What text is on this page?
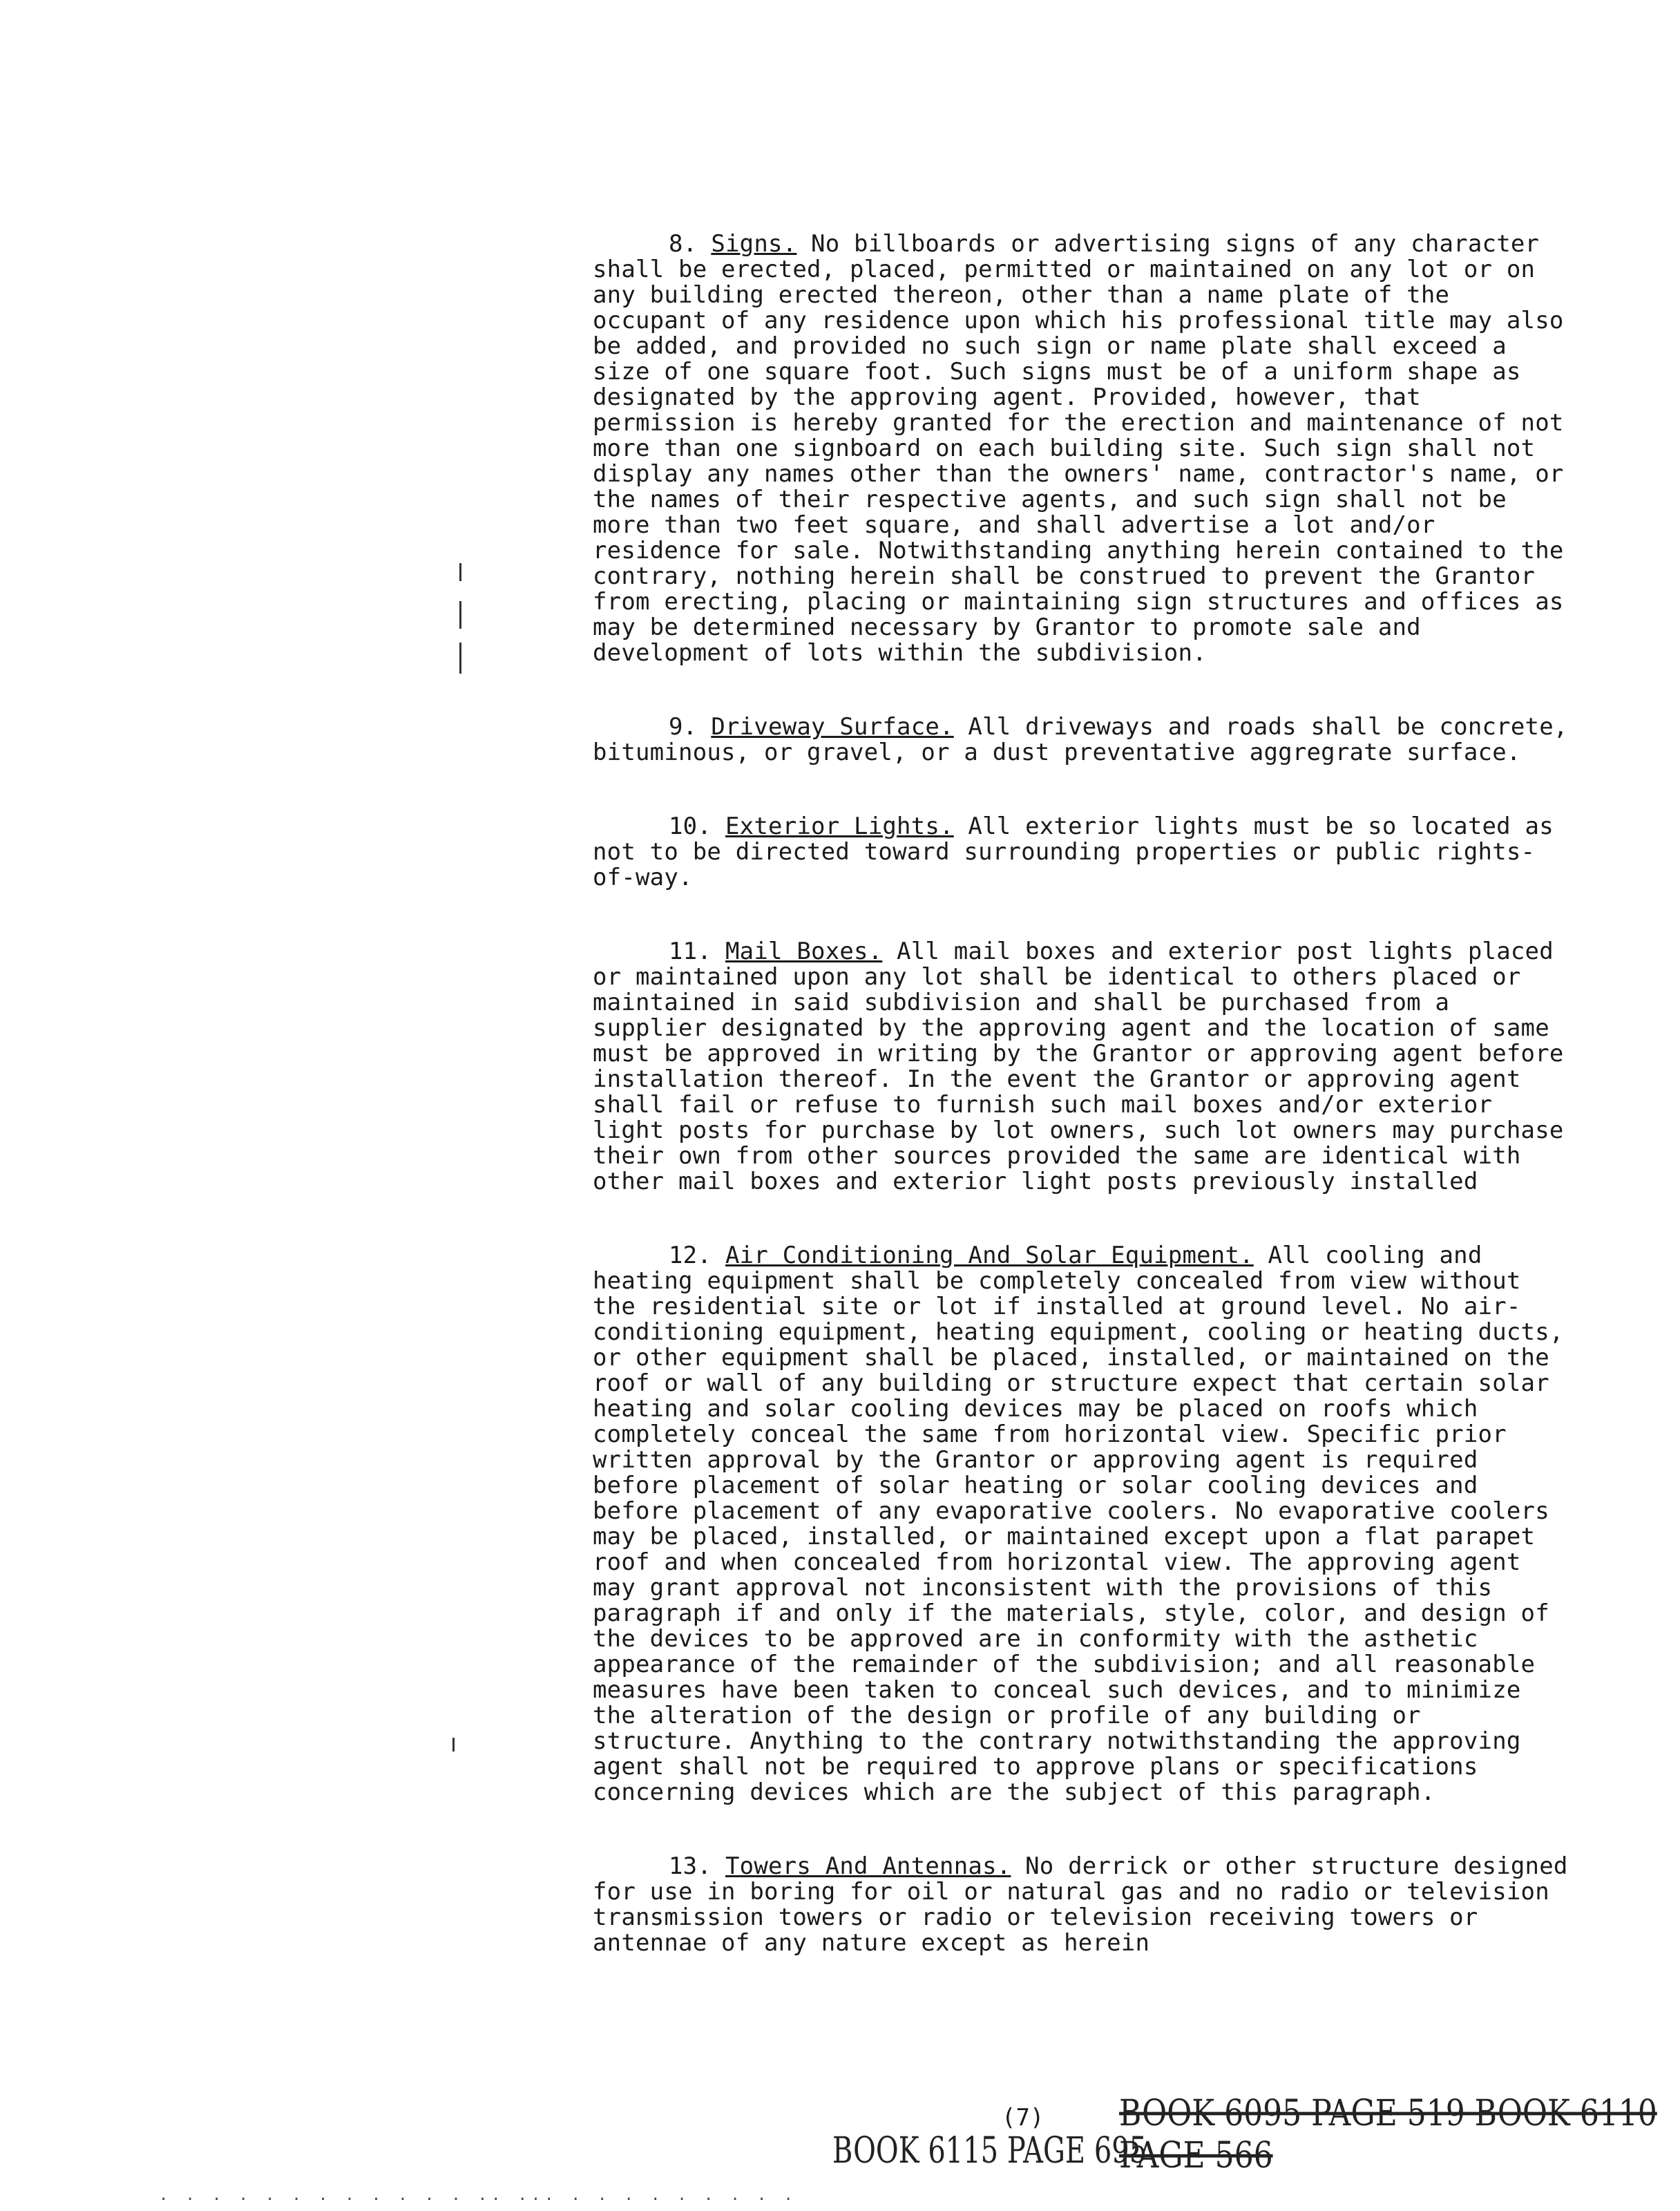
8. Signs. No billboards or advertising signs of any character shall be erected, placed, permitted or maintained on any lot or on any building erected thereon, other than a name plate of the occupant of any residence upon which his professional title may also be added, and provided no such sign or name plate shall exceed a size of one square foot. Such signs must be of a uniform shape as designated by the approving agent. Provided, however, that permission is hereby granted for the erection and maintenance of not more than one signboard on each building site. Such sign shall not display any names other than the owners' name, contractor's name, or the names of their respective agents, and such sign shall not be more than two feet square, and shall advertise a lot and/or residence for sale. Notwithstanding anything herein contained to the contrary, nothing herein shall be construed to prevent the Grantor from erecting, placing or maintaining sign structures and offices as may be determined necessary by Grantor to promote sale and development of lots within the subdivision.

9. Driveway Surface. All driveways and roads shall be concrete, bituminous, or gravel, or a dust preventative aggregrate surface.

10. Exterior Lights. All exterior lights must be so located as not to be directed toward surrounding properties or public rights-of-way.

11. Mail Boxes. All mail boxes and exterior post lights placed or maintained upon any lot shall be identical to others placed or maintained in said subdivision and shall be purchased from a supplier designated by the approving agent and the location of same must be approved in writing by the Grantor or approving agent before installation thereof. In the event the Grantor or approving agent shall fail or refuse to furnish such mail boxes and/or exterior light posts for purchase by lot owners, such lot owners may purchase their own from other sources provided the same are identical with other mail boxes and exterior light posts previously installed

12. Air Conditioning And Solar Equipment. All cooling and heating equipment shall be completely concealed from view without the residential site or lot if installed at ground level. No air-conditioning equipment, heating equipment, cooling or heating ducts, or other equipment shall be placed, installed, or maintained on the roof or wall of any building or structure expect that certain solar heating and solar cooling devices may be placed on roofs which completely conceal the same from horizontal view. Specific prior written approval by the Grantor or approving agent is required before placement of solar heating or solar cooling devices and before placement of any evaporative coolers. No evaporative coolers may be placed, installed, or maintained except upon a flat parapet roof and when concealed from horizontal view. The approving agent may grant approval not inconsistent with the provisions of this paragraph if and only if the materials, style, color, and design of the devices to be approved are in conformity with the asthetic appearance of the remainder of the subdivision; and all reasonable measures have been taken to conceal such devices, and to minimize the alteration of the design or profile of any building or structure. Anything to the contrary notwithstanding the approving agent shall not be required to approve plans or specifications concerning devices which are the subject of this paragraph.

13. Towers And Antennas. No derrick or other structure designed for use in boring for oil or natural gas and no radio or television transmission towers or radio or television receiving towers or antennae of any nature except as herein

(7)
BOOK 6115 PAGE 695
BOOK 6095 PAGE 519 BOOK 6110 PAGE 566
. . . . . . . . . . . . .. ... . . . . . . . . .
